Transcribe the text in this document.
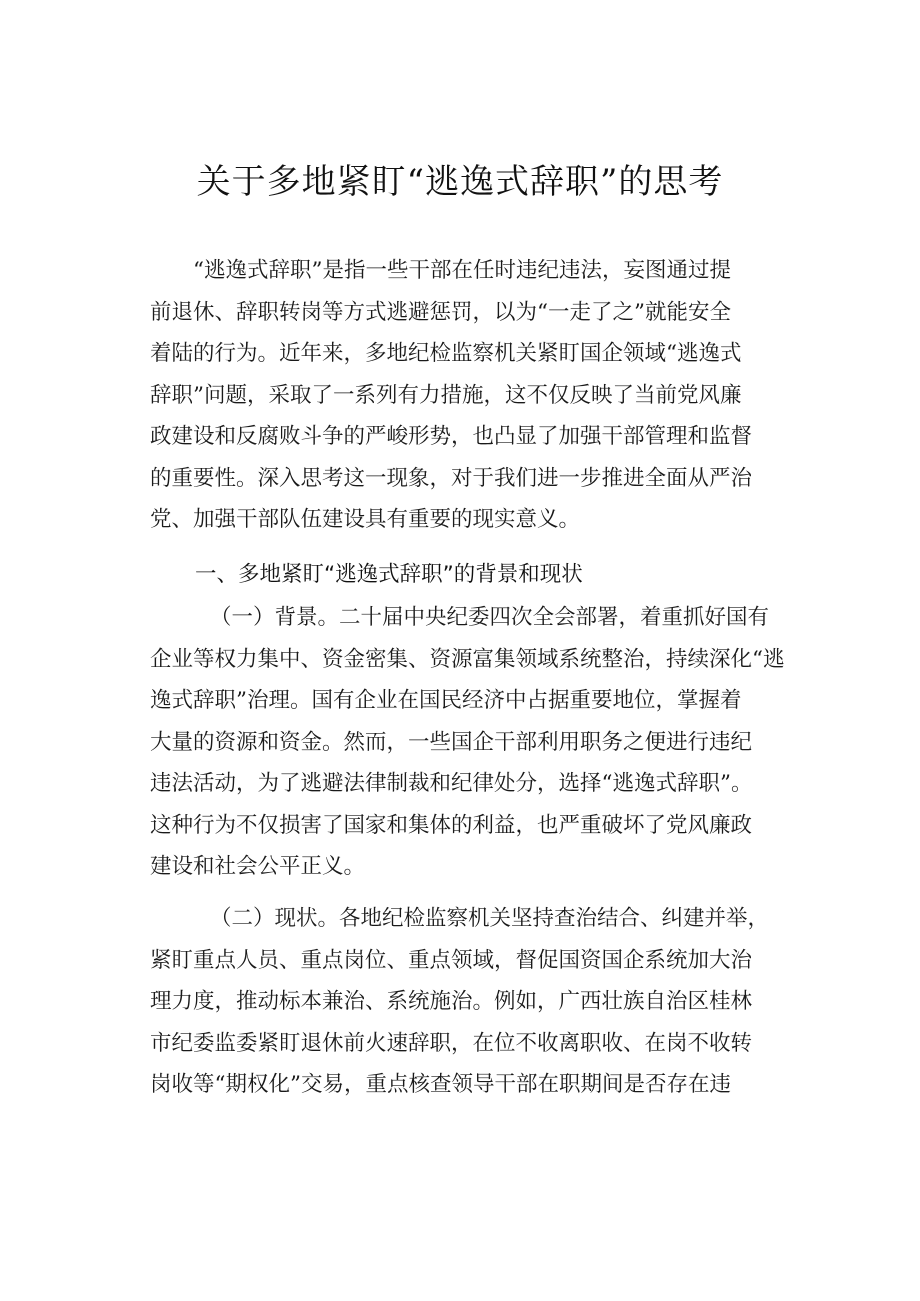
关于多地紧盯“逃逸式辞职”的思考
“逃逸式辞职”是指一些干部在任时违纪违法，妄图通过提
前退休、辞职转岗等方式逃避惩罚，以为“一走了之”就能安全
着陆的行为。近年来，多地纪检监察机关紧盯国企领域“逃逸式
辞职”问题，采取了一系列有力措施，这不仅反映了当前党风廉
政建设和反腐败斗争的严峻形势，也凸显了加强干部管理和监督
的重要性。深入思考这一现象，对于我们进一步推进全面从严治
党、加强干部队伍建设具有重要的现实意义。
一、多地紧盯“逃逸式辞职”的背景和现状
（一）背景。二十届中央纪委四次全会部署，着重抓好国有
企业等权力集中、资金密集、资源富集领域系统整治，持续深化“逃
逸式辞职”治理。国有企业在国民经济中占据重要地位，掌握着
大量的资源和资金。然而，一些国企干部利用职务之便进行违纪
违法活动，为了逃避法律制裁和纪律处分，选择“逃逸式辞职”。
这种行为不仅损害了国家和集体的利益，也严重破坏了党风廉政
建设和社会公平正义。
（二）现状。各地纪检监察机关坚持查治结合、纠建并举，
紧盯重点人员、重点岗位、重点领域，督促国资国企系统加大治
理力度，推动标本兼治、系统施治。例如，广西壮族自治区桂林
市纪委监委紧盯退休前火速辞职，在位不收离职收、在岗不收转
岗收等“期权化”交易，重点核查领导干部在职期间是否存在违
